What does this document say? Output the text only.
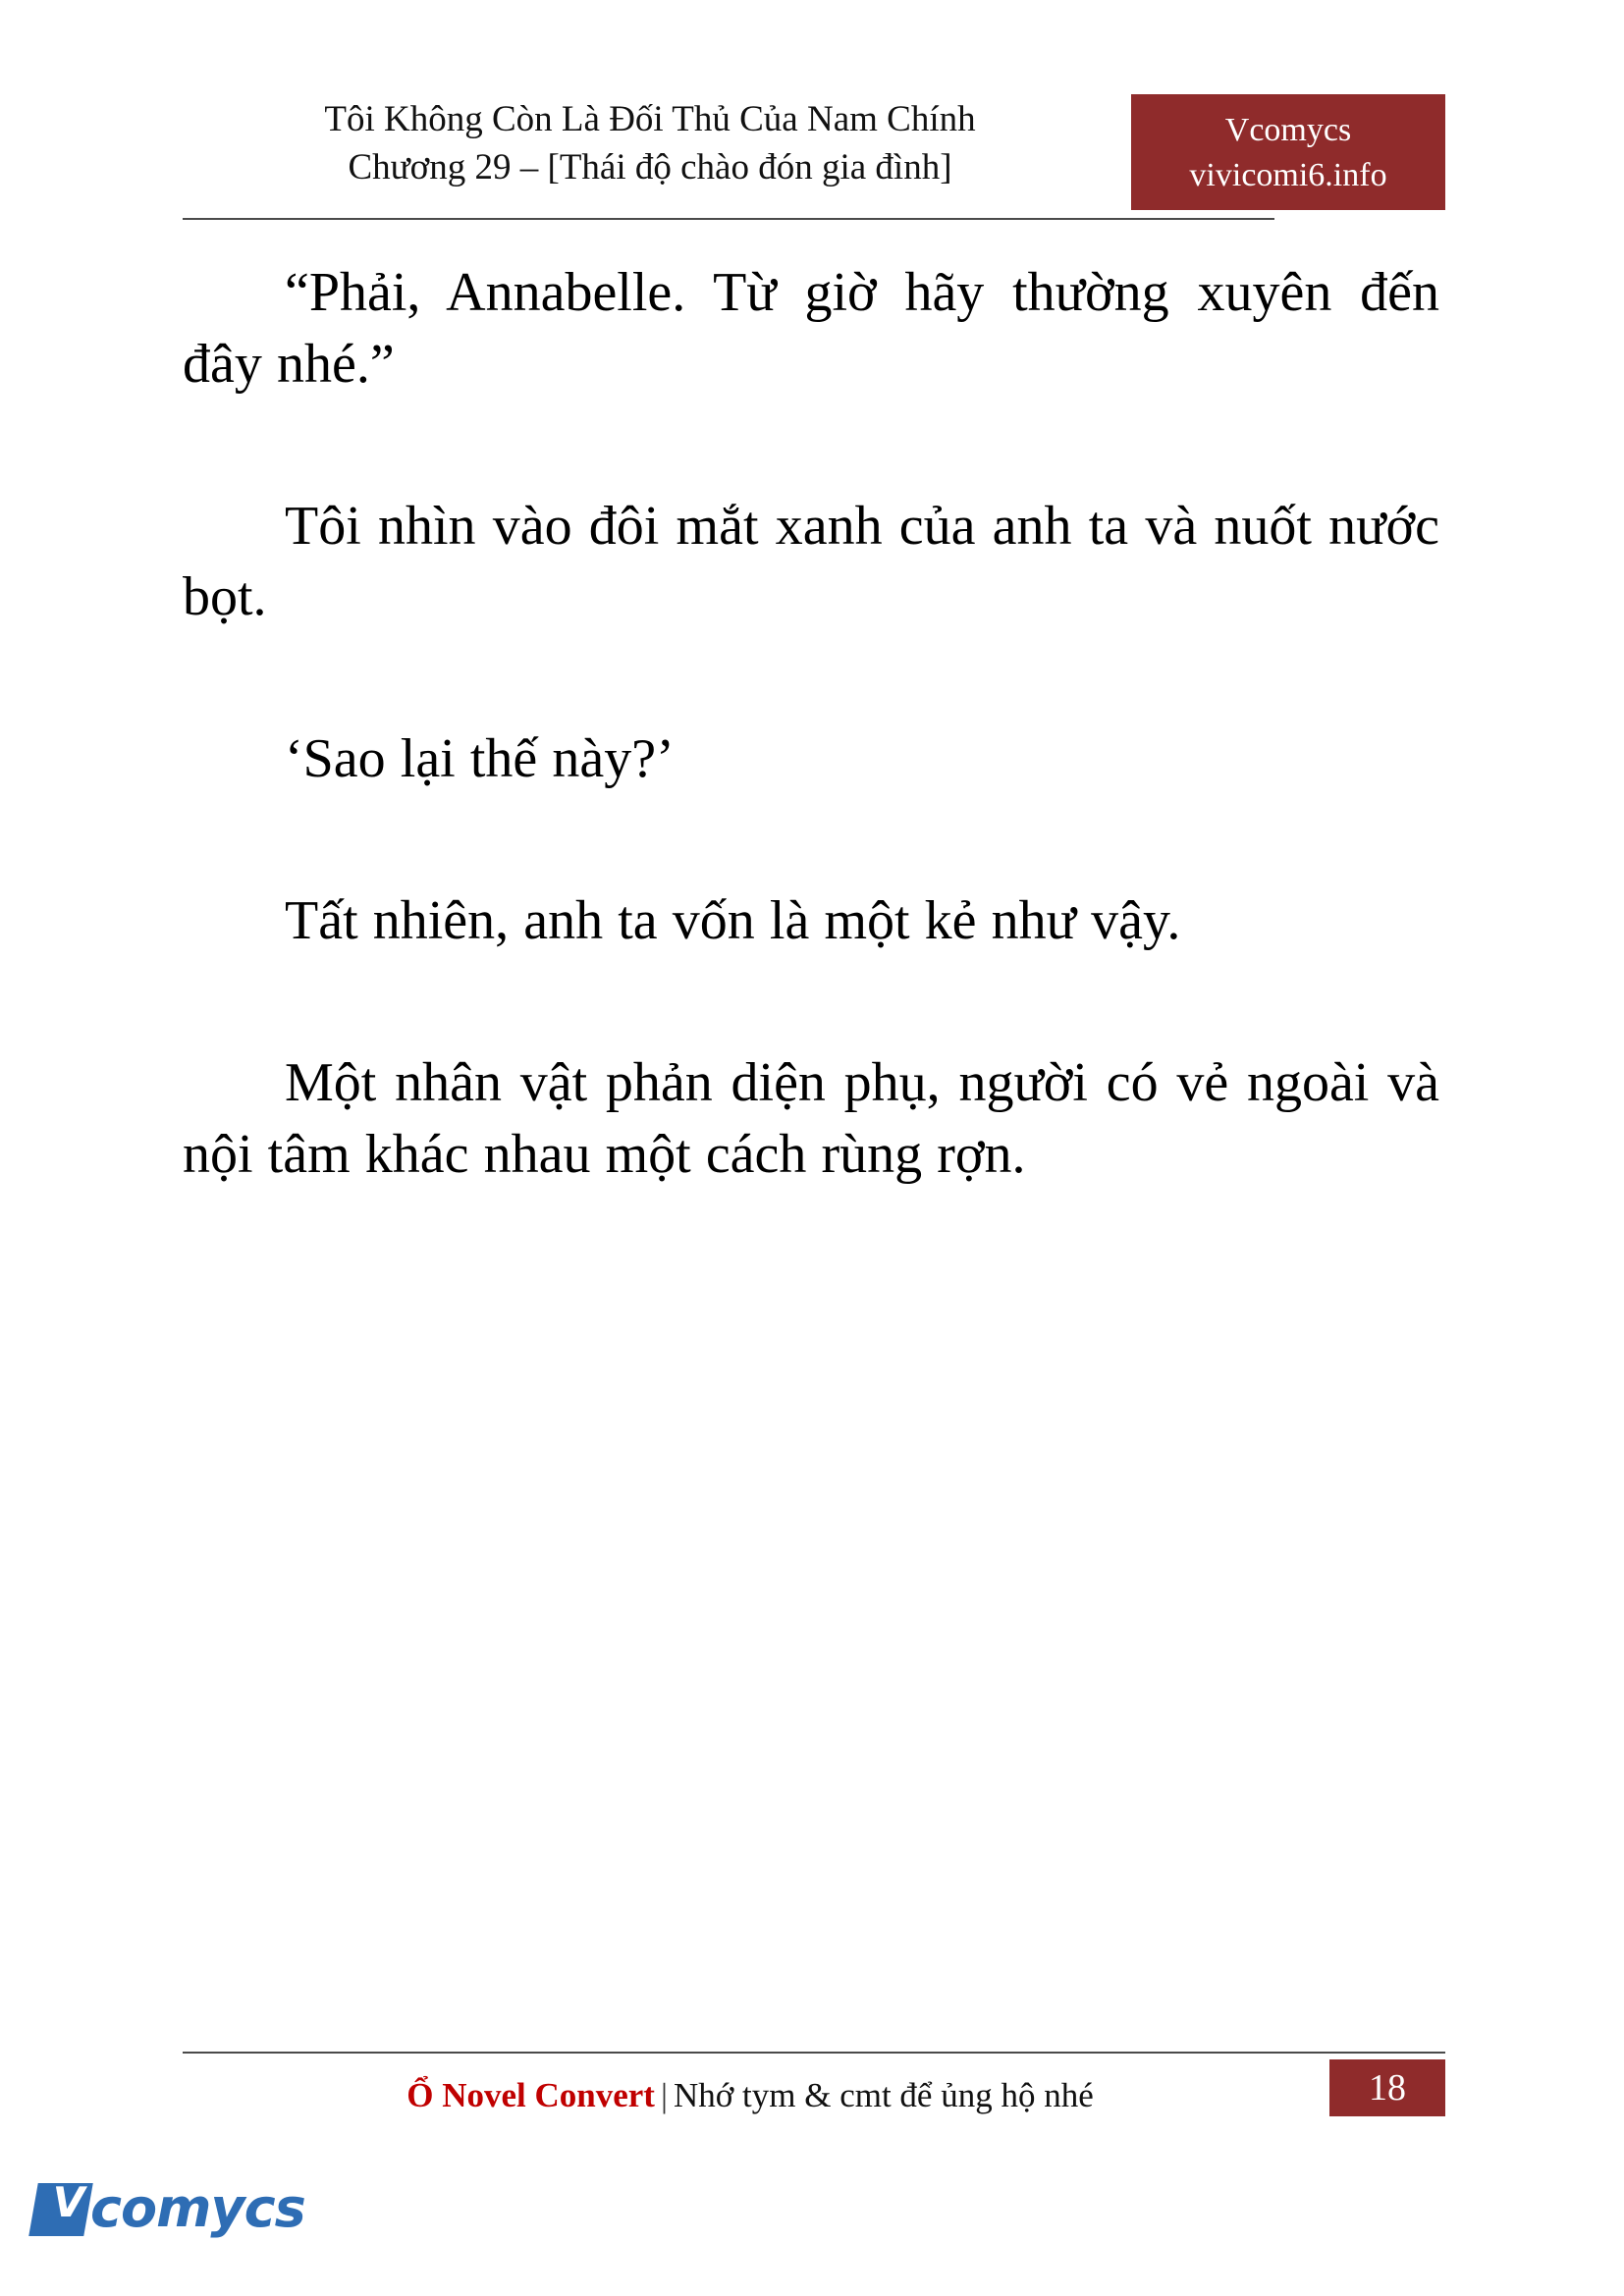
Tôi Không Còn Là Đối Thủ Của Nam Chính
Chương 29 – [Thái độ chào đón gia đình]
Vcomycs
vivicomi6.info

“Phải, Annabelle. Từ giờ hãy thường xuyên đến đây nhé.”

Tôi nhìn vào đôi mắt xanh của anh ta và nuốt nước bọt.

‘Sao lại thế này?’

Tất nhiên, anh ta vốn là một kẻ như vậy.

Một nhân vật phản diện phụ, người có vẻ ngoài và nội tâm khác nhau một cách rùng rợn.

Ổ Novel Convert | Nhớ tym & cmt để ủng hộ nhé	18
V comycs
